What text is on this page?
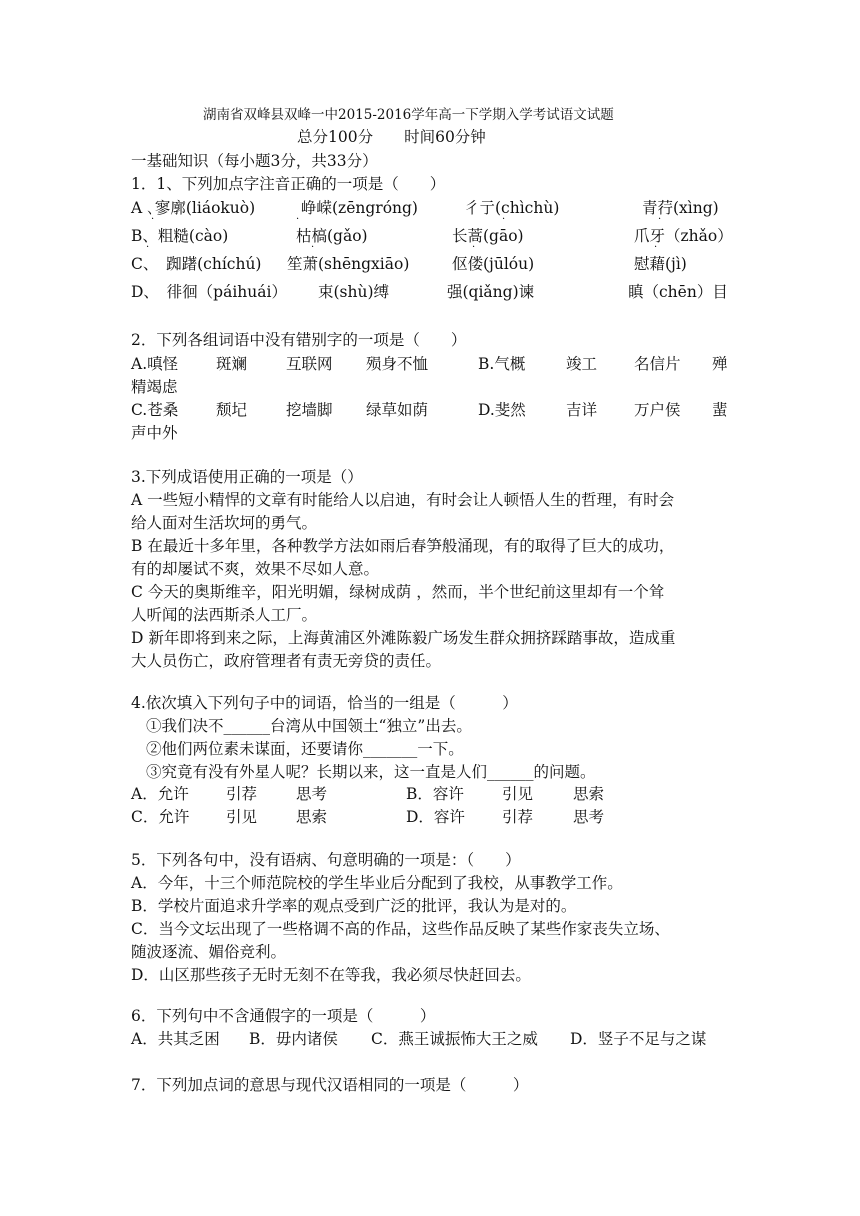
湖南省双峰县双峰一中2015-2016学年高一下学期入学考试语文试题
总分100分　　时间60分钟
一基础知识（每小题3分，共33分）
1．1、下列加点字注音正确的一项是（　　）
A ､寥廓(liáokuò)	峥嵘(zēngróng)	彳亍(chìchù)	青荇(xìng)
B、粗糙(cào)	枯槁(gǎo)	长蒿(gāo)	爪牙（zhǎo）
C、　踟躇(chíchú) 笙萧(shēngxiāo)	伛偻(jūlóu)	慰藉(jì)
D、　徘徊（páihuái） 束(shù)缚	强(qiǎng)谏	瞋（chēn）目
·	·	·	·
·	·	·	·
2．下列各组词语中没有错别字的一项是（　　）
A.嗔怪 斑斓	互联网 殒身不恤	B.气概	竣工 名信片 殚
精竭虑
C.苍桑 颓圮	挖墙脚 绿草如荫	D.斐然	吉详 万户侯 蜚
声中外
3.下列成语使用正确的一项是（）
A 一些短小精悍的文章有时能给人以启迪，有时会让人顿悟人生的哲理，有时会
给人面对生活坎坷的勇气。
B 在最近十多年里，各种教学方法如雨后春笋般涌现，有的取得了巨大的成功，
有的却屡试不爽，效果不尽如人意。
C 今天的奥斯维辛，阳光明媚，绿树成荫 ，然而，半个世纪前这里却有一个耸
人听闻的法西斯杀人工厂。
D 新年即将到来之际，上海黄浦区外滩陈毅广场发生群众拥挤踩踏事故，造成重
大人员伤亡，政府管理者有责无旁贷的责任。
4.依次填入下列句子中的词语，恰当的一组是（　　　）
①我们决不______台湾从中国领土“独立”出去。
②他们两位素未谋面，还要请你_______一下。
③究竟有没有外星人呢？长期以来，这一直是人们______的问题。
A．允许 引荐	思考	B．容许 引见	思索
C．允许 引见	思索	D．容许 引荐	思考
5．下列各句中，没有语病、句意明确的一项是：（　　）
A．今年，十三个师范院校的学生毕业后分配到了我校，从事教学工作。
B．学校片面追求升学率的观点受到广泛的批评，我认为是对的。
C．当今文坛出现了一些格调不高的作品，这些作品反映了某些作家丧失立场、
随波逐流、媚俗竞利。
D．山区那些孩子无时无刻不在等我，我必须尽快赶回去。
6．下列句中不含通假字的一项是（　　　）
A．共其乏困 B．毋内诸侯 C．燕王诚振怖大王之威 D．竖子不足与之谋
7．下列加点词的意思与现代汉语相同的一项是（　　　）
